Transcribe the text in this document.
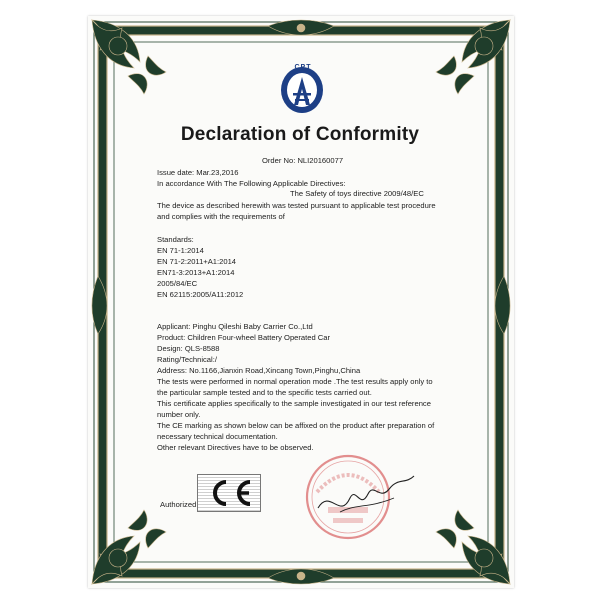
CPT
Declaration of Conformity
Order No: NLI20160077
Issue date: Mar.23,2016
In accordance With The Following Applicable Directives:
The Safety of toys directive 2009/48/EC
The device as described herewith was tested pursuant to applicable test procedure
and complies with the requirements of
Standards:
EN 71-1:2014
EN 71-2:2011+A1:2014
EN71-3:2013+A1:2014
2005/84/EC
EN 62115:2005/A11:2012
Applicant: Pinghu Qileshi Baby Carrier Co.,Ltd
Product: Children Four-wheel Battery Operated Car
Design: QLS-8588
Rating/Technical:/
Address: No.1166,Jianxin Road,Xincang Town,Pinghu,China
The tests were performed in normal operation mode .The test results apply only to
the particular sample tested and to the specific tests carried out.
This certificate applies specifically to the sample investigated in our test reference
number only.
The CE marking as shown below can be affixed on the product after preparation of
necessary technical documentation.
Other relevant Directives have to be observed.
Authorized
